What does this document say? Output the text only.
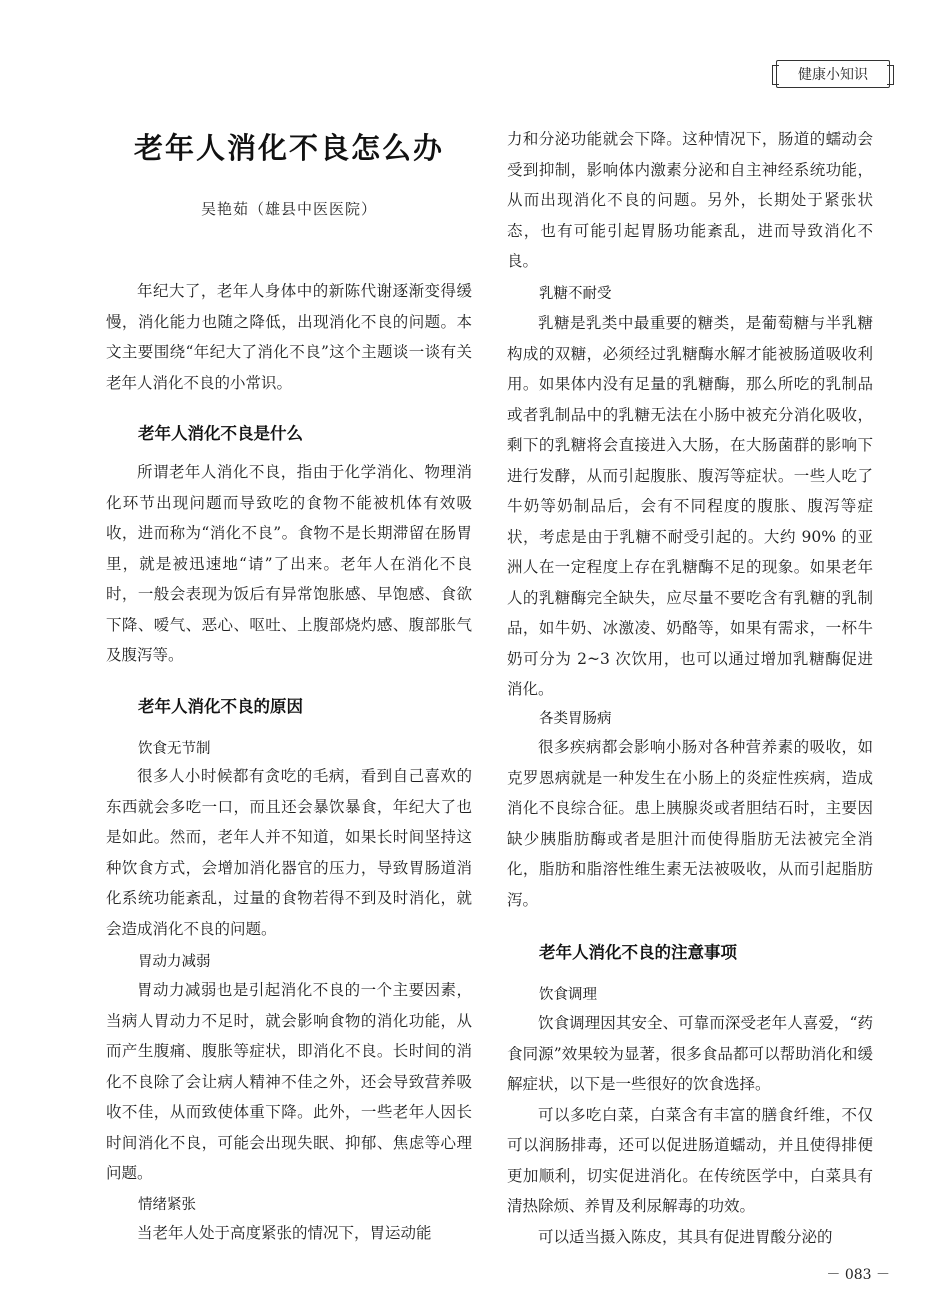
健康小知识
老年人消化不良怎么办
吴艳茹（雄县中医医院）

年纪大了，老年人身体中的新陈代谢逐渐变得缓慢，消化能力也随之降低，出现消化不良的问题。本文主要围绕“年纪大了消化不良”这个主题谈一谈有关老年人消化不良的小常识。

老年人消化不良是什么

所谓老年人消化不良，指由于化学消化、物理消化环节出现问题而导致吃的食物不能被机体有效吸收，进而称为“消化不良”。食物不是长期滞留在肠胃里，就是被迅速地“请”了出来。老年人在消化不良时，一般会表现为饭后有异常饱胀感、早饱感、食欲下降、嗳气、恶心、呕吐、上腹部烧灼感、腹部胀气及腹泻等。

老年人消化不良的原因
饮食无节制

很多人小时候都有贪吃的毛病，看到自己喜欢的东西就会多吃一口，而且还会暴饮暴食，年纪大了也是如此。然而，老年人并不知道，如果长时间坚持这种饮食方式，会增加消化器官的压力，导致胃肠道消化系统功能紊乱，过量的食物若得不到及时消化，就会造成消化不良的问题。

胃动力减弱

胃动力减弱也是引起消化不良的一个主要因素，当病人胃动力不足时，就会影响食物的消化功能，从而产生腹痛、腹胀等症状，即消化不良。长时间的消化不良除了会让病人精神不佳之外，还会导致营养吸收不佳，从而致使体重下降。此外，一些老年人因长时间消化不良，可能会出现失眠、抑郁、焦虑等心理问题。

情绪紧张

当老年人处于高度紧张的情况下，胃运动能

力和分泌功能就会下降。这种情况下，肠道的蠕动会受到抑制，影响体内激素分泌和自主神经系统功能，从而出现消化不良的问题。另外，长期处于紧张状态，也有可能引起胃肠功能紊乱，进而导致消化不良。

乳糖不耐受

乳糖是乳类中最重要的糖类，是葡萄糖与半乳糖构成的双糖，必须经过乳糖酶水解才能被肠道吸收利用。如果体内没有足量的乳糖酶，那么所吃的乳制品或者乳制品中的乳糖无法在小肠中被充分消化吸收，剩下的乳糖将会直接进入大肠，在大肠菌群的影响下进行发酵，从而引起腹胀、腹泻等症状。一些人吃了牛奶等奶制品后，会有不同程度的腹胀、腹泻等症状，考虑是由于乳糖不耐受引起的。大约 90% 的亚洲人在一定程度上存在乳糖酶不足的现象。如果老年人的乳糖酶完全缺失，应尽量不要吃含有乳糖的乳制品，如牛奶、冰激凌、奶酪等，如果有需求，一杯牛奶可分为 2~3 次饮用，也可以通过增加乳糖酶促进消化。

各类胃肠病

很多疾病都会影响小肠对各种营养素的吸收，如克罗恩病就是一种发生在小肠上的炎症性疾病，造成消化不良综合征。患上胰腺炎或者胆结石时，主要因缺少胰脂肪酶或者是胆汁而使得脂肪无法被完全消化，脂肪和脂溶性维生素无法被吸收，从而引起脂肪泻。

老年人消化不良的注意事项
饮食调理

饮食调理因其安全、可靠而深受老年人喜爱，“药食同源”效果较为显著，很多食品都可以帮助消化和缓解症状，以下是一些很好的饮食选择。

可以多吃白菜，白菜含有丰富的膳食纤维，不仅可以润肠排毒，还可以促进肠道蠕动，并且使得排便更加顺利，切实促进消化。在传统医学中，白菜具有清热除烦、养胃及利尿解毒的功效。

可以适当摄入陈皮，其具有促进胃酸分泌的

－ 083 －
